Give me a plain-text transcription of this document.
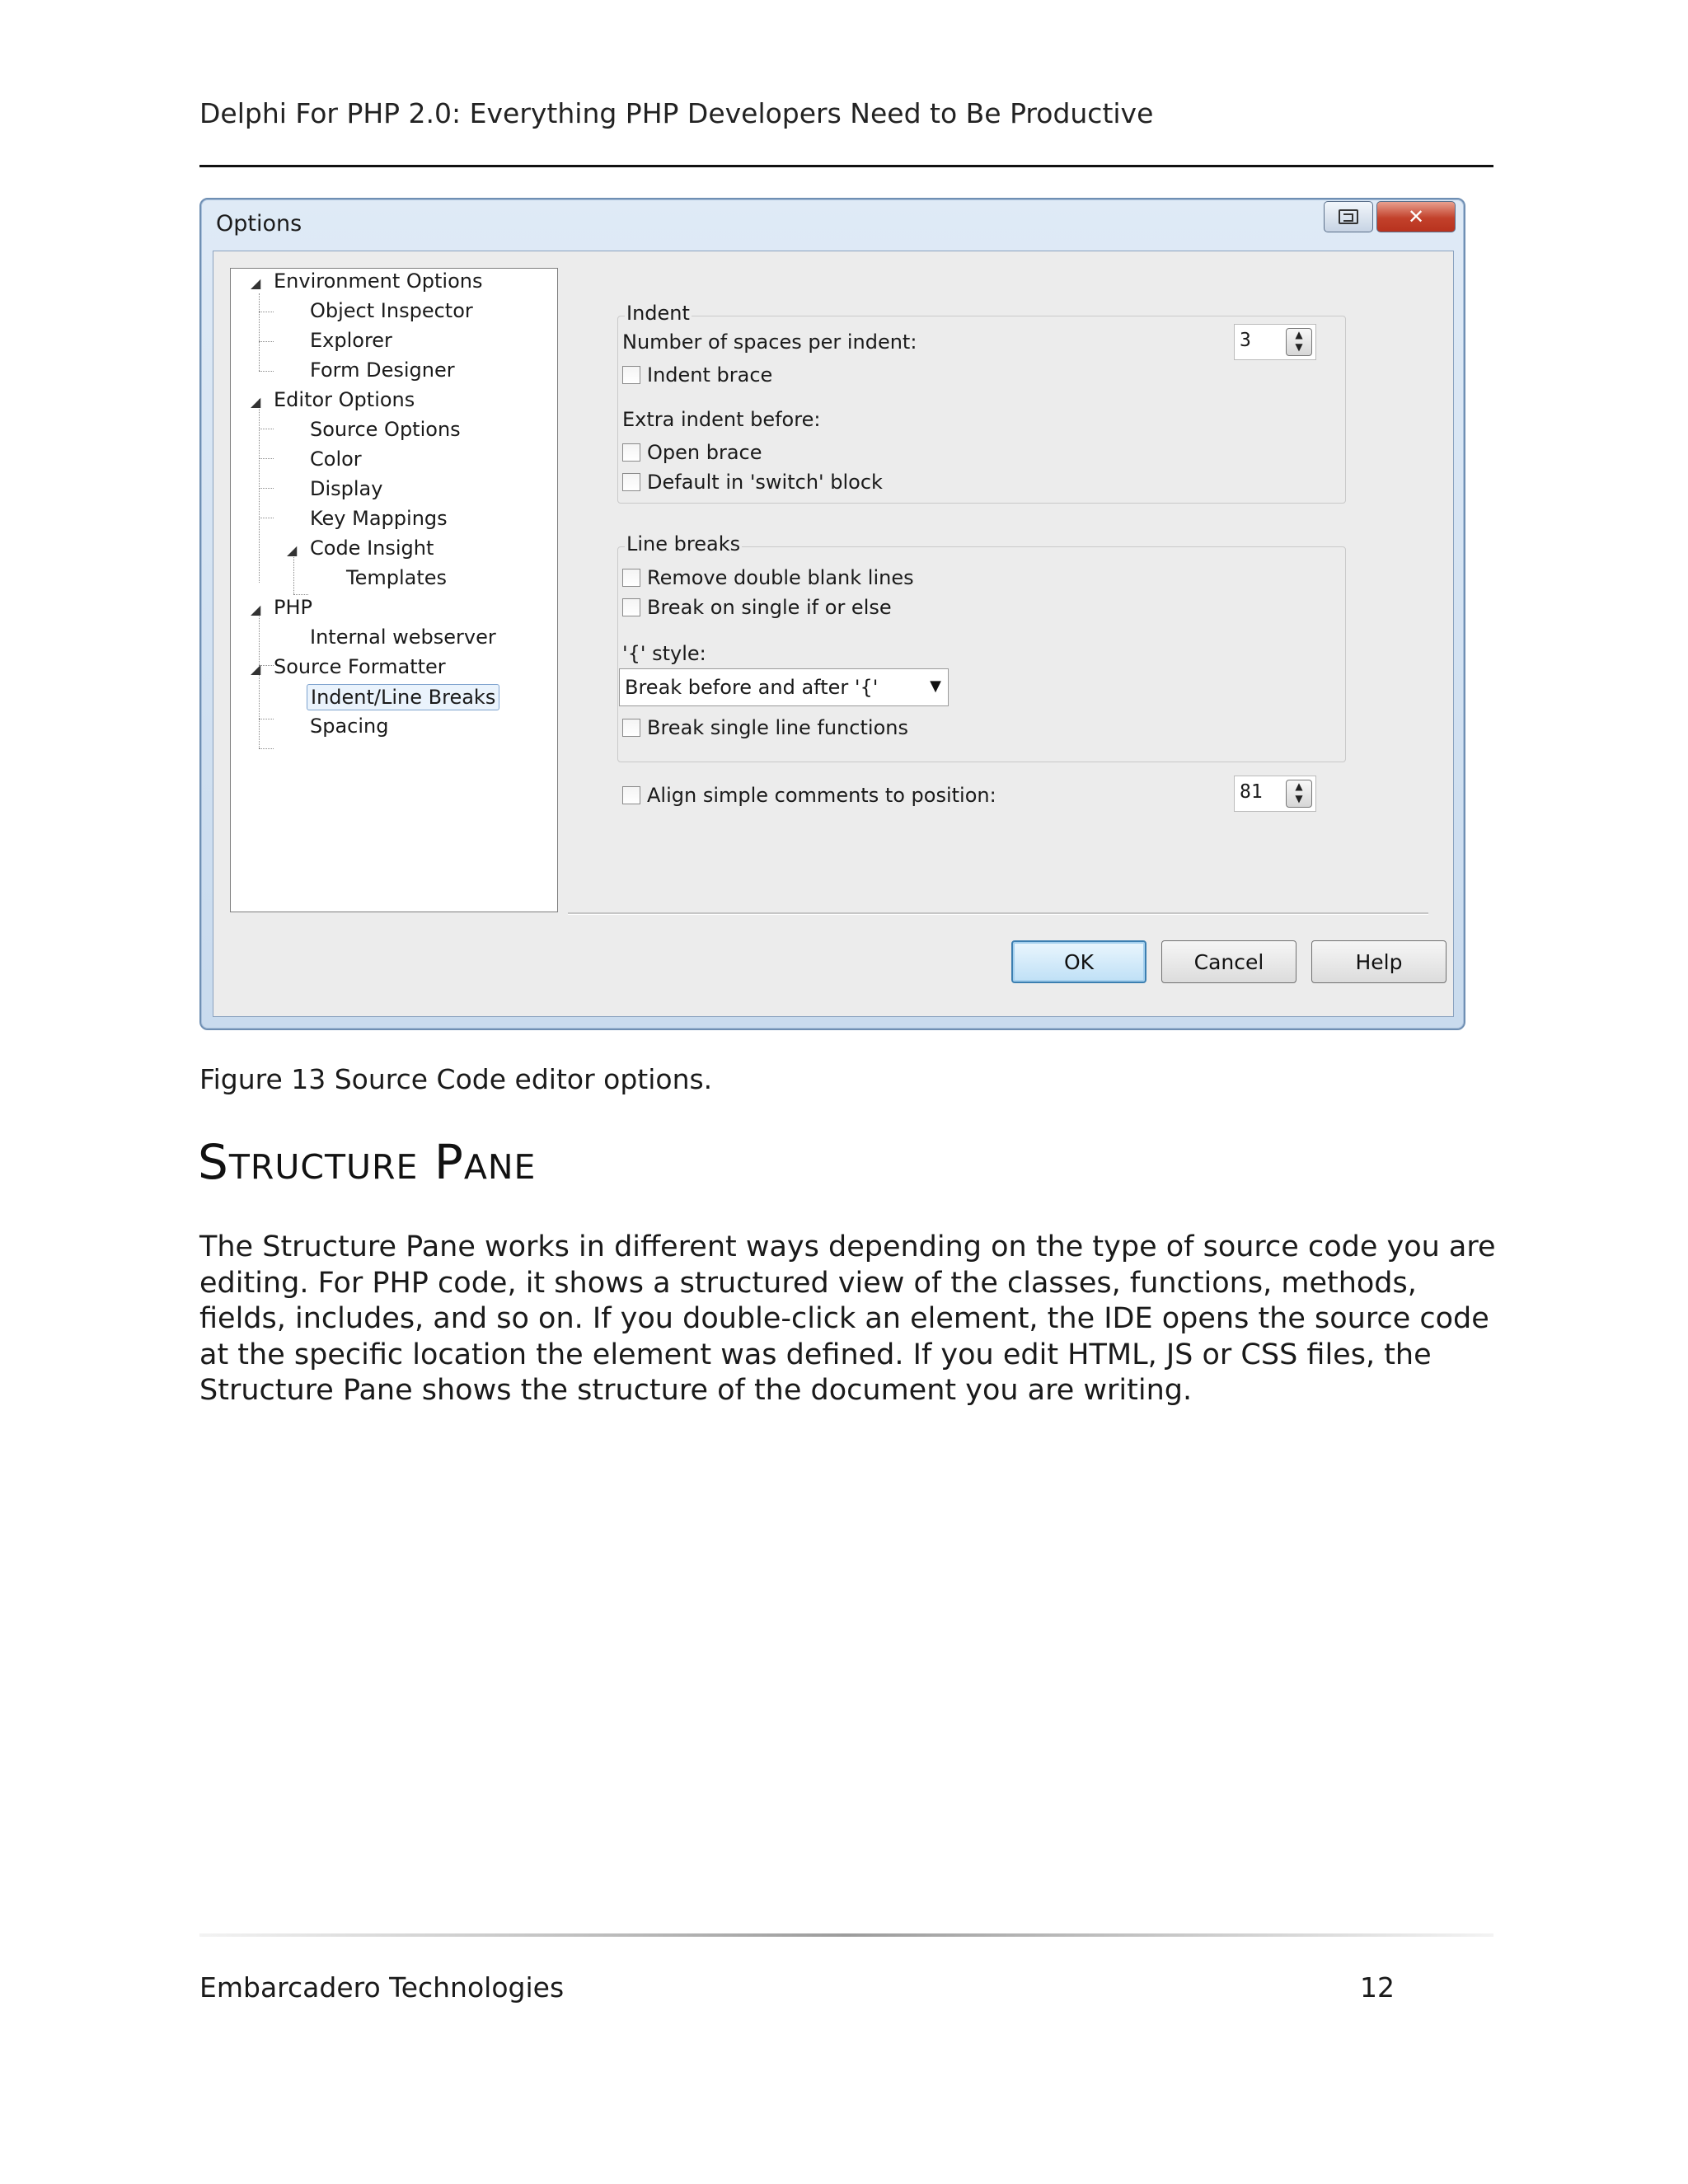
Delphi For PHP 2.0: Everything PHP Developers Need to Be Productive
Options	✕
◢ Environment Options
Object Inspector
Explorer
Form Designer
◢ Editor Options
Source Options
Color
Display
Key Mappings
◢ Code Insight
Templates
◢ PHP
Internal webserver
◢ Source Formatter
Indent/Line Breaks
Spacing
Indent
Number of spaces per indent:	3	▲
▼
Indent brace
Extra indent before:
Open brace
Default in 'switch' block
Line breaks
Remove double blank lines
Break on single if or else
'{' style:
Break before and after '{'	▼
Break single line functions
Align simple comments to position:	81	▲
▼
OK	Cancel	Help
Figure 13 Source Code editor options.
Structure Pane
The Structure Pane works in different ways depending on the type of source code you are editing. For PHP code, it shows a structured view of the classes, functions, methods, fields, includes, and so on. If you double-click an element, the IDE opens the source code at the specific location the element was defined. If you edit HTML, JS or CSS files, the Structure Pane shows the structure of the document you are writing.
Embarcadero Technologies	12
